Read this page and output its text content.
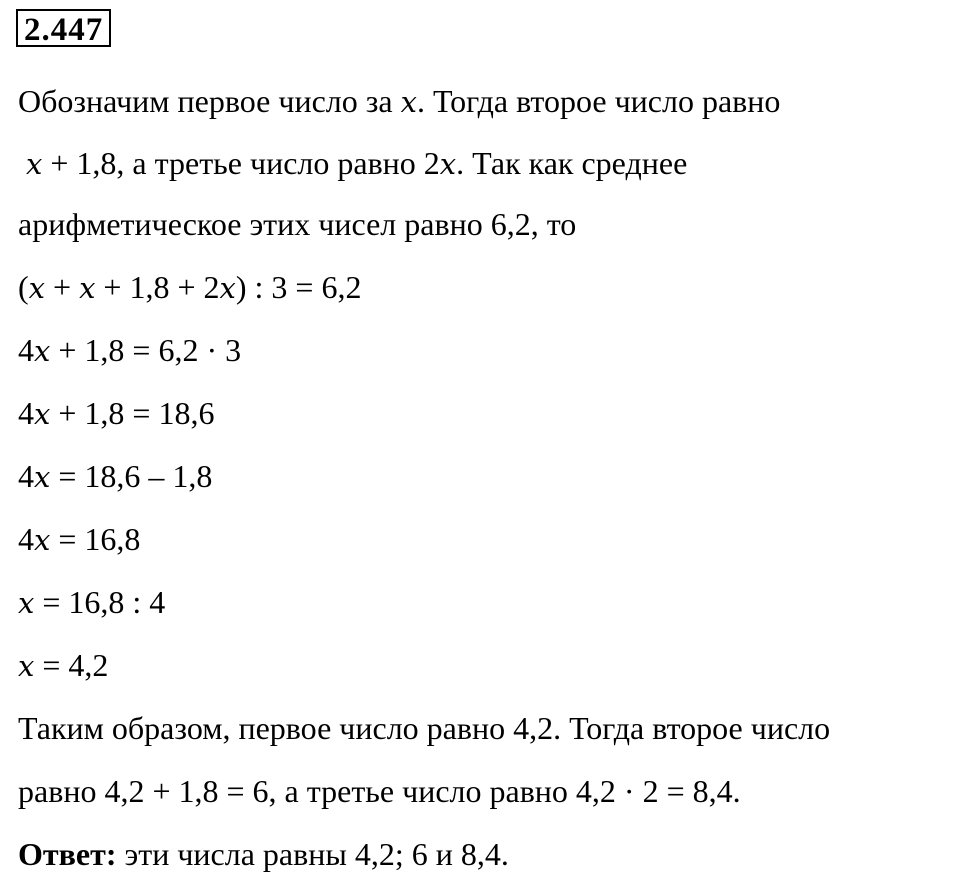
2.447
Обозначим первое число за x. Тогда второе число равно
x + 1,8, а третье число равно 2x. Так как среднее
арифметическое этих чисел равно 6,2, то
(x + x + 1,8 + 2x) : 3 = 6,2
4x + 1,8 = 6,2 · 3
4x + 1,8 = 18,6
4x = 18,6 – 1,8
4x = 16,8
x = 16,8 : 4
x = 4,2
Таким образом, первое число равно 4,2. Тогда второе число
равно 4,2 + 1,8 = 6, а третье число равно 4,2 · 2 = 8,4.
Ответ: эти числа равны 4,2; 6 и 8,4.
